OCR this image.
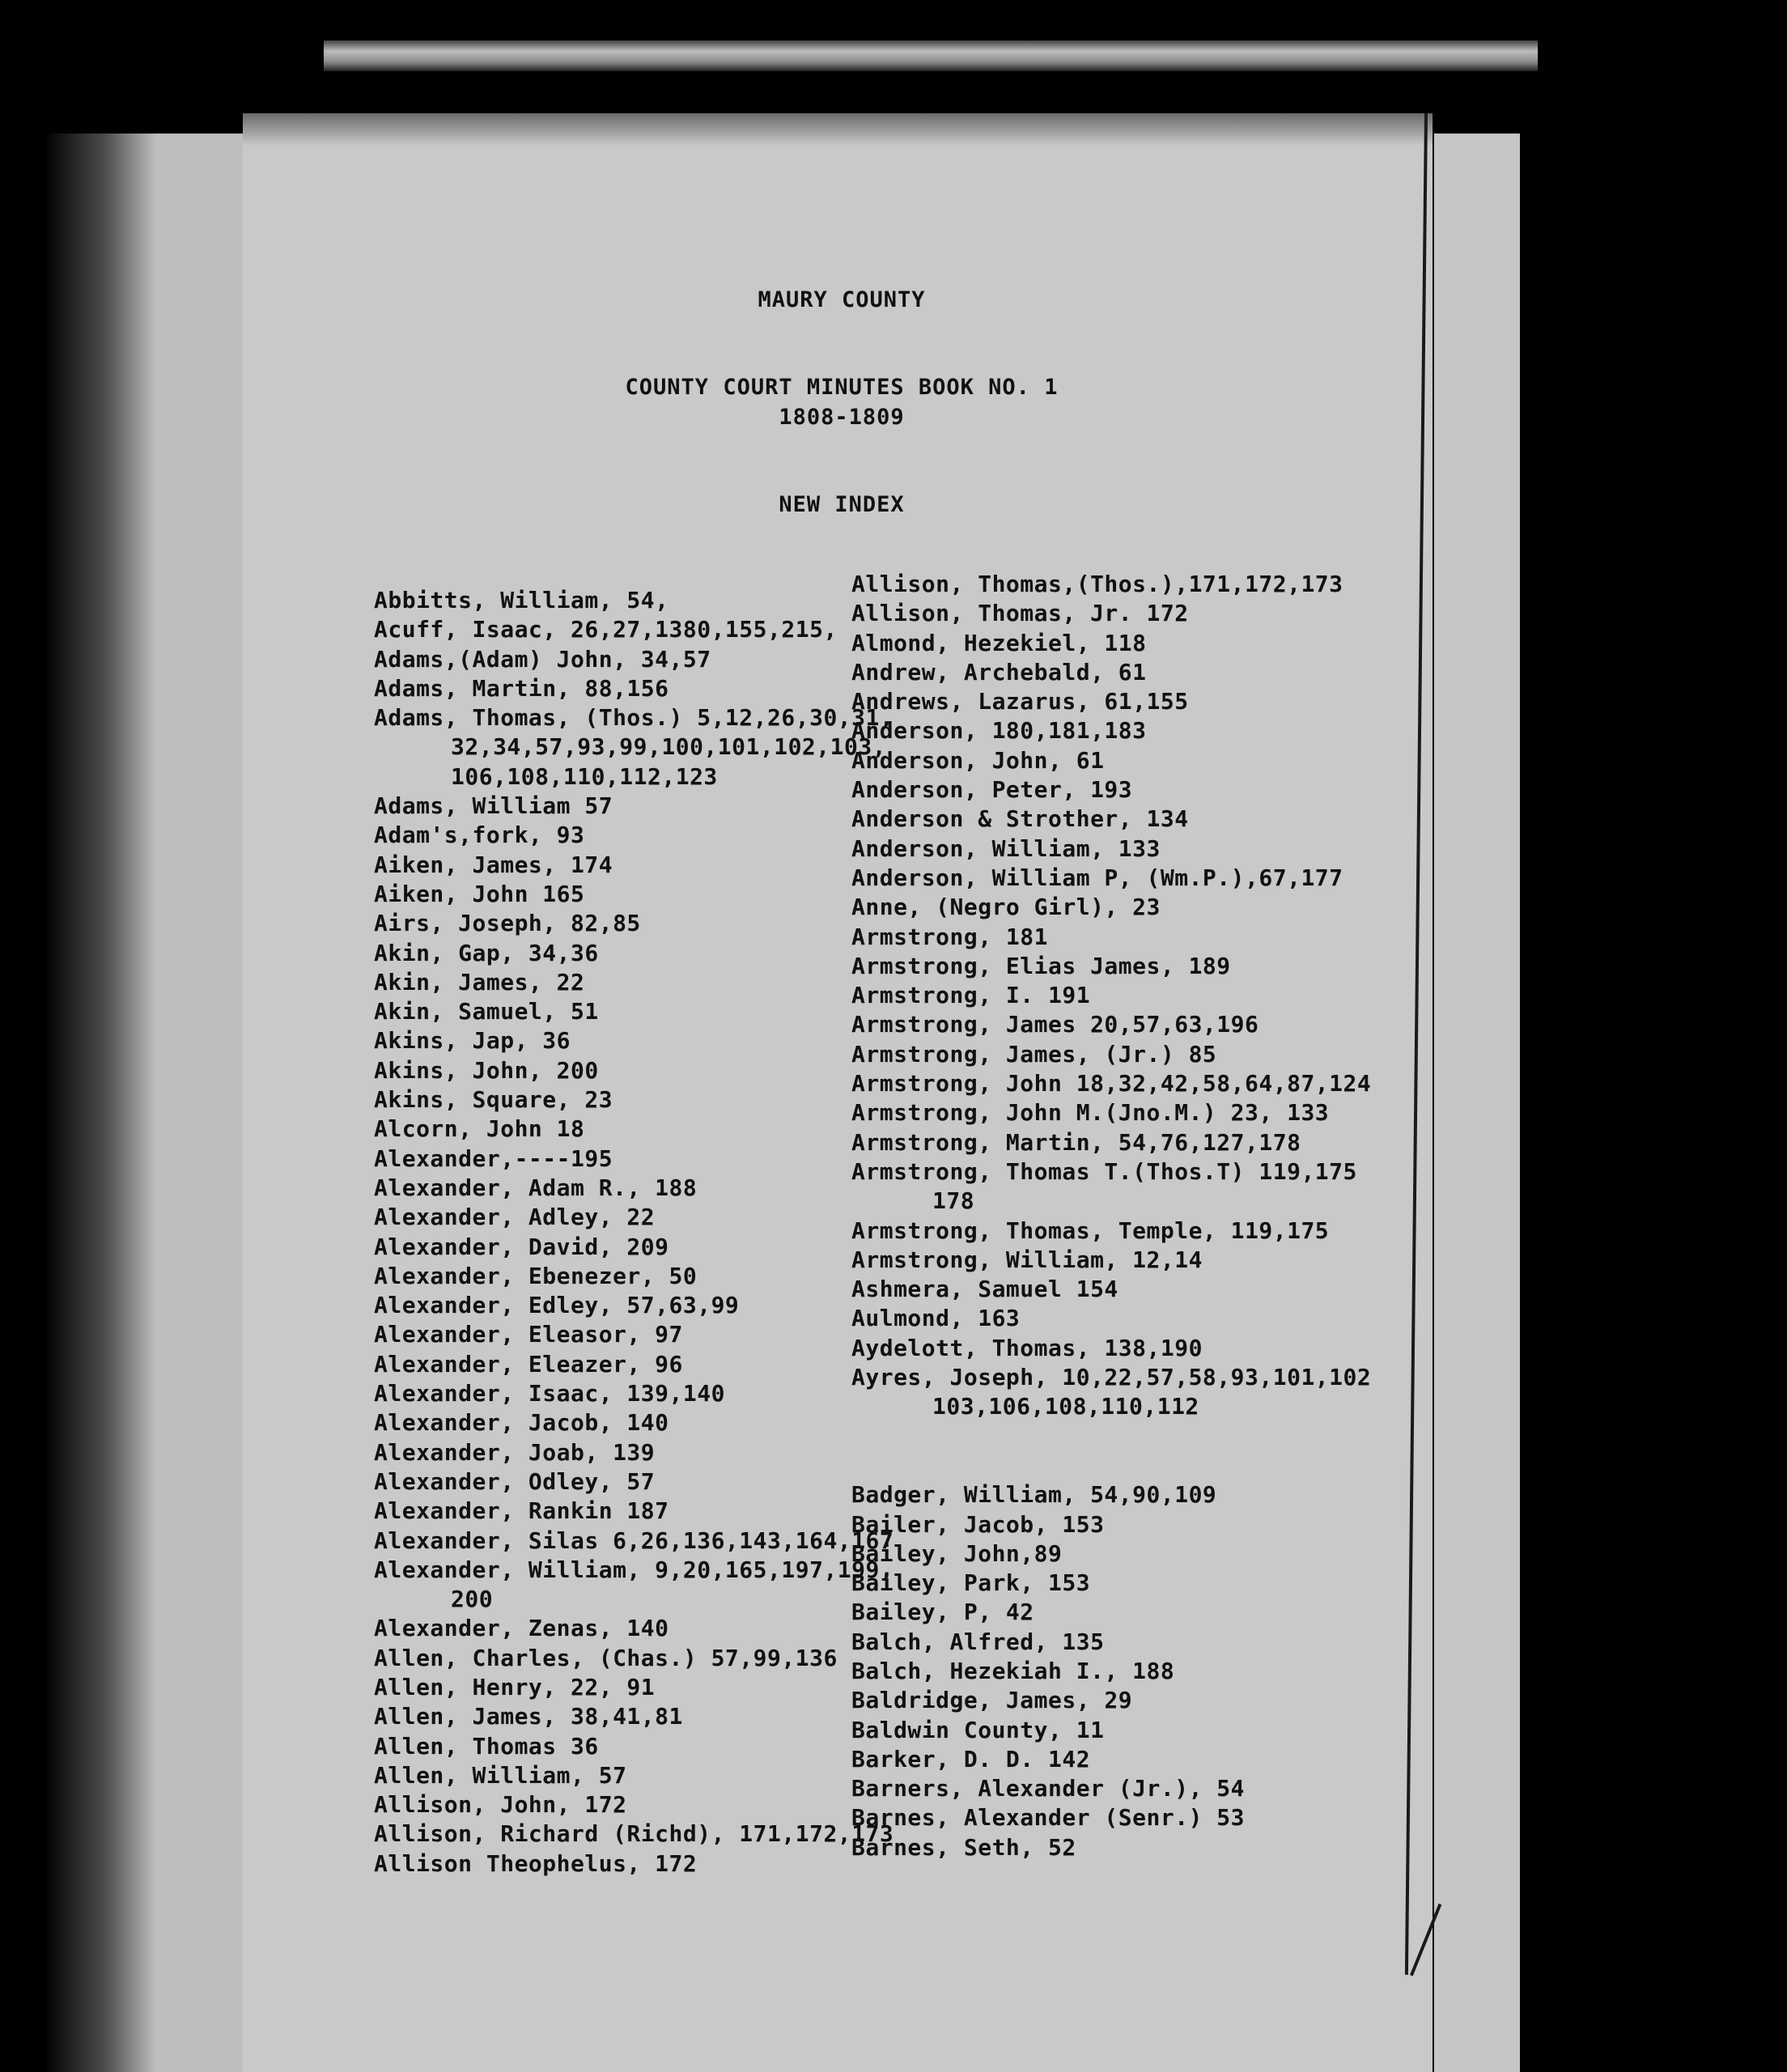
MAURY COUNTY
COUNTY COURT MINUTES BOOK NO. 1
1808-1809
NEW INDEX
Abbitts, William, 54,
Acuff, Isaac, 26,27,1380,155,215,
Adams,(Adam) John, 34,57
Adams, Martin, 88,156
Adams, Thomas, (Thos.) 5,12,26,30,31,
32,34,57,93,99,100,101,102,103,
106,108,110,112,123
Adams, William 57
Adam's,fork, 93
Aiken, James, 174
Aiken, John 165
Airs, Joseph, 82,85
Akin, Gap, 34,36
Akin, James, 22
Akin, Samuel, 51
Akins, Jap, 36
Akins, John, 200
Akins, Square, 23
Alcorn, John 18
Alexander,----195
Alexander, Adam R., 188
Alexander, Adley, 22
Alexander, David, 209
Alexander, Ebenezer, 50
Alexander, Edley, 57,63,99
Alexander, Eleasor, 97
Alexander, Eleazer, 96
Alexander, Isaac, 139,140
Alexander, Jacob, 140
Alexander, Joab, 139
Alexander, Odley, 57
Alexander, Rankin 187
Alexander, Silas 6,26,136,143,164,167
Alexander, William, 9,20,165,197,199,
200
Alexander, Zenas, 140
Allen, Charles, (Chas.) 57,99,136
Allen, Henry, 22, 91
Allen, James, 38,41,81
Allen, Thomas 36
Allen, William, 57
Allison, John, 172
Allison, Richard (Richd), 171,172,173
Allison Theophelus, 172
Allison, Thomas,(Thos.),171,172,173
Allison, Thomas, Jr. 172
Almond, Hezekiel, 118
Andrew, Archebald, 61
Andrews, Lazarus, 61,155
Anderson, 180,181,183
Anderson, John, 61
Anderson, Peter, 193
Anderson & Strother, 134
Anderson, William, 133
Anderson, William P, (Wm.P.),67,177
Anne, (Negro Girl), 23
Armstrong, 181
Armstrong, Elias James, 189
Armstrong, I. 191
Armstrong, James 20,57,63,196
Armstrong, James, (Jr.) 85
Armstrong, John 18,32,42,58,64,87,124
Armstrong, John M.(Jno.M.) 23, 133
Armstrong, Martin, 54,76,127,178
Armstrong, Thomas T.(Thos.T) 119,175
178
Armstrong, Thomas, Temple, 119,175
Armstrong, William, 12,14
Ashmera, Samuel 154
Aulmond, 163
Aydelott, Thomas, 138,190
Ayres, Joseph, 10,22,57,58,93,101,102
103,106,108,110,112
Badger, William, 54,90,109
Bailer, Jacob, 153
Bailey, John,89
Bailey, Park, 153
Bailey, P, 42
Balch, Alfred, 135
Balch, Hezekiah I., 188
Baldridge, James, 29
Baldwin County, 11
Barker, D. D. 142
Barners, Alexander (Jr.), 54
Barnes, Alexander (Senr.) 53
Barnes, Seth, 52
